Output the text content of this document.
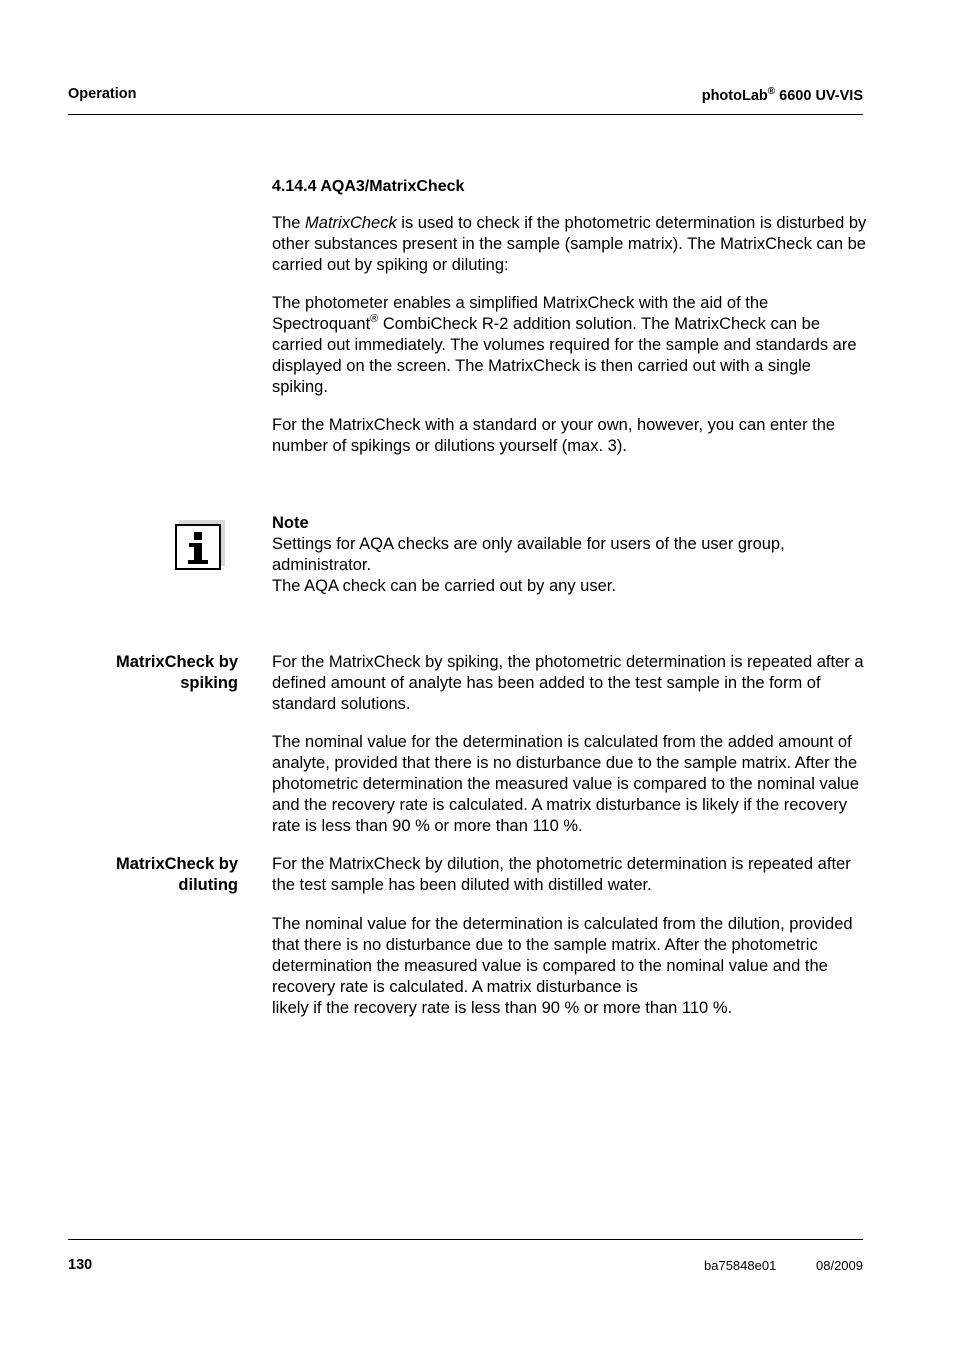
Operation	photoLab® 6600 UV-VIS
4.14.4 AQA3/MatrixCheck

The MatrixCheck is used to check if the photometric determination is disturbed by other substances present in the sample (sample matrix). The MatrixCheck can be carried out by spiking or diluting:

The photometer enables a simplified MatrixCheck with the aid of the Spectroquant® CombiCheck R-2 addition solution. The MatrixCheck can be carried out immediately. The volumes required for the sample and standards are displayed on the screen. The MatrixCheck is then carried out with a single spiking.

For the MatrixCheck with a standard or your own, however, you can enter the number of spikings or dilutions yourself (max. 3).

Note

Settings for AQA checks are only available for users of the user group, administrator.

The AQA check can be carried out by any user.

MatrixCheck by
spiking

For the MatrixCheck by spiking, the photometric determination is repeated after a defined amount of analyte has been added to the test sample in the form of standard solutions.

The nominal value for the determination is calculated from the added amount of analyte, provided that there is no disturbance due to the sample matrix. After the photometric determination the measured value is compared to the nominal value and the recovery rate is calculated. A matrix disturbance is likely if the recovery rate is less than 90 % or more than 110 %.

MatrixCheck by
diluting

For the MatrixCheck by dilution, the photometric determination is repeated after the test sample has been diluted with distilled water.

The nominal value for the determination is calculated from the dilution, provided that there is no disturbance due to the sample matrix. After the photometric determination the measured value is compared to the nominal value and the recovery rate is calculated. A matrix disturbance is

likely if the recovery rate is less than 90 % or more than 110 %.

130	ba75848e01	08/2009
